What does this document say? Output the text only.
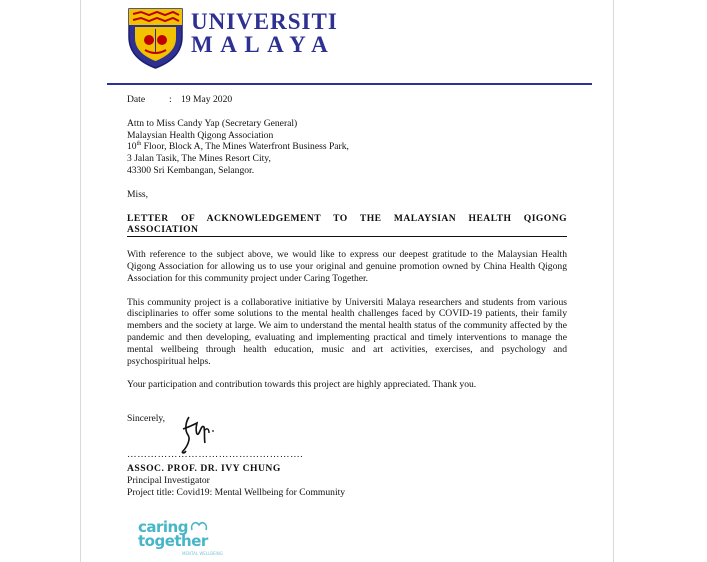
UNIVERSITI
MALAYA
Date	: 19 May 2020
Attn to Miss Candy Yap (Secretary General)
Malaysian Health Qigong Association
10th Floor, Block A, The Mines Waterfront Business Park,
3 Jalan Tasik, The Mines Resort City,
43300 Sri Kembangan, Selangor.
Miss,
LETTER OF ACKNOWLEDGEMENT TO THE MALAYSIAN HEALTH QIGONG ASSOCIATION
With reference to the subject above, we would like to express our deepest gratitude to the Malaysian Health Qigong Association for allowing us to use your original and genuine promotion owned by China Health Qigong Association for this community project under Caring Together.
This community project is a collaborative initiative by Universiti Malaya researchers and students from various disciplinaries to offer some solutions to the mental health challenges faced by COVID-19 patients, their family members and the society at large. We aim to understand the mental health status of the community affected by the pandemic and then developing, evaluating and implementing practical and timely interventions to manage the mental wellbeing through health education, music and art activities, exercises, and psychology and psychospiritual helps.
Your participation and contribution towards this project are highly appreciated. Thank you.
Sincerely,
…………………………………………….
ASSOC. PROF. DR. IVY CHUNG
Principal Investigator
Project title: Covid19: Mental Wellbeing for Community
caring
together
MENTAL WELLBEING
